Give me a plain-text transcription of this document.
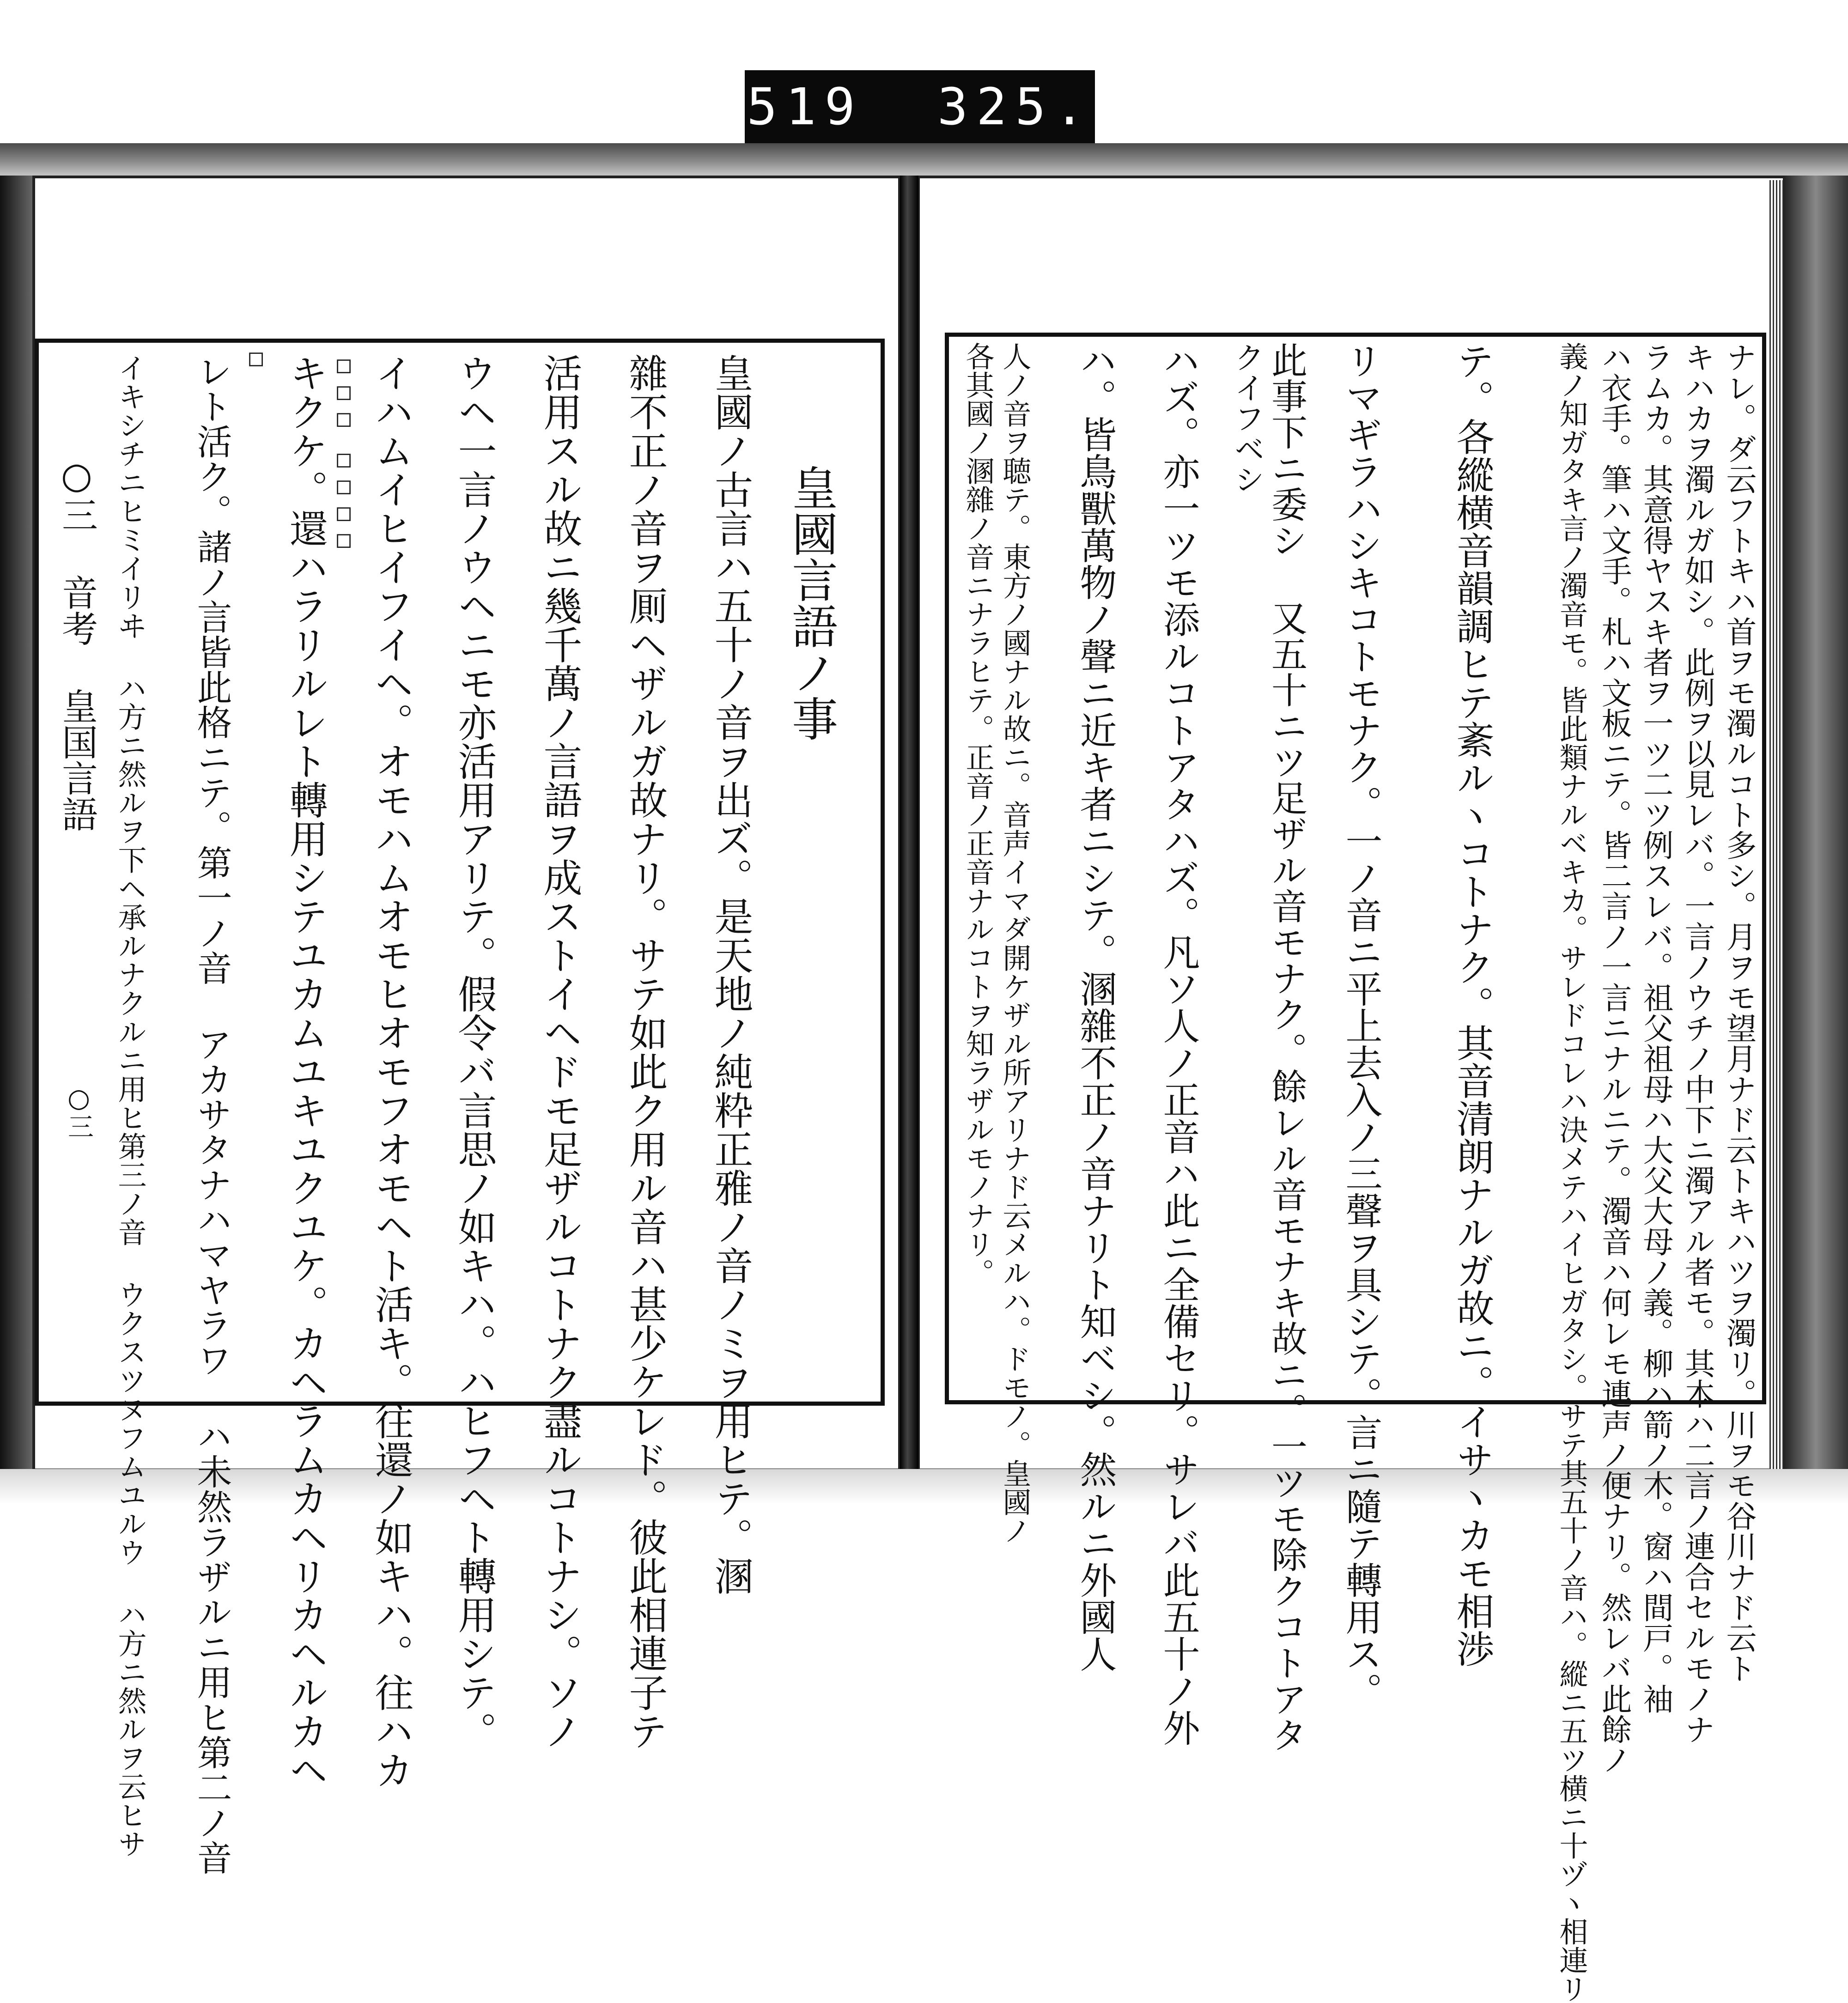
519 325.
○三 音考 皇国言語
○三
皇國言語ノ事
皇國ノ古言ハ五十ノ音ヲ出ズ。是天地ノ純粋正雅ノ音ノミヲ用ヒテ。溷
雜不正ノ音ヲ厠ヘザルガ故ナリ。サテ如此ク用ル音ハ甚少ケレド。彼此相連子テ
活用スル故ニ幾千萬ノ言語ヲ成ストイヘドモ足ザルコトナク盡ルコトナシ。ソノ
ウヘ一言ノウヘニモ亦活用アリテ。假令バ言思ノ如キハ。ハヒフヘト轉用シテ。
イハムイヒイフイヘ。オモハムオモヒオモフオモヘト活キ。往還ノ如キハ。往ハカ
キクケ。還ハラリルレト轉用シテユカムユキユクユケ。カヘラムカヘリカヘルカヘ
レト活ク。諸ノ言皆此格ニテ。第一ノ音 アカサタナハマヤラワ ハ未然ラザルニ用ヒ第二ノ音
イキシチニヒミイリヰ ハ方ニ然ルヲ下ヘ承ルナクルニ用ヒ第三ノ音 ウクスツヌフムユルウ ハ方ニ然ルヲ云ヒサ	□□□ □□□□
□	ナレ。ダ云フトキハ首ヲモ濁ルコト多シ。月ヲモ望月ナド云トキハツヲ濁リ。川ヲモ谷川ナド云ト
キハカヲ濁ルガ如シ。此例ヲ以見レバ。一言ノウチノ中下ニ濁アル者モ。其本ハ二言ノ連合セルモノナ
ラムカ。其意得ヤスキ者ヲ一ツ二ツ例スレバ。祖父祖母ハ大父大母ノ義。柳ハ箭ノ木。窗ハ間戸。袖
ハ衣手。筆ハ文手。札ハ文板ニテ。皆二言ノ一言ニナルニテ。濁音ハ何レモ連声ノ便ナリ。然レバ此餘ノ
義ノ知ガタキ言ノ濁音モ。皆此類ナルベキカ。サレドコレハ決メテハイヒガタシ。サテ其五十ノ音ハ。縱ニ五ツ横ニ十ヅヽ相連リ
テ。各縱横音韻調ヒテ紊ルヽコトナク。其音清朗ナルガ故ニ。イサヽカモ相渉
リマギラハシキコトモナク。一ノ音ニ平上去入ノ三聲ヲ具シテ。言ニ隨テ轉用ス。
此事下ニ委シ 又五十ニツ足ザル音モナク。餘レル音モナキ故ニ。一ツモ除クコトアタ
クイフベシ
ハズ。亦一ツモ添ルコトアタハズ。凡ソ人ノ正音ハ此ニ全備セリ。サレバ此五十ノ外
ハ。皆鳥獸萬物ノ聲ニ近キ者ニシテ。溷雜不正ノ音ナリト知ベシ。然ルニ外國人
人ノ音ヲ聴テ。東方ノ國ナル故ニ。音声イマダ開ケザル所アリナド云メルハ。ドモノ。皇國ノ
各其國ノ溷雜ノ音ニナラヒテ。正音ノ正音ナルコトヲ知ラザルモノナリ。
